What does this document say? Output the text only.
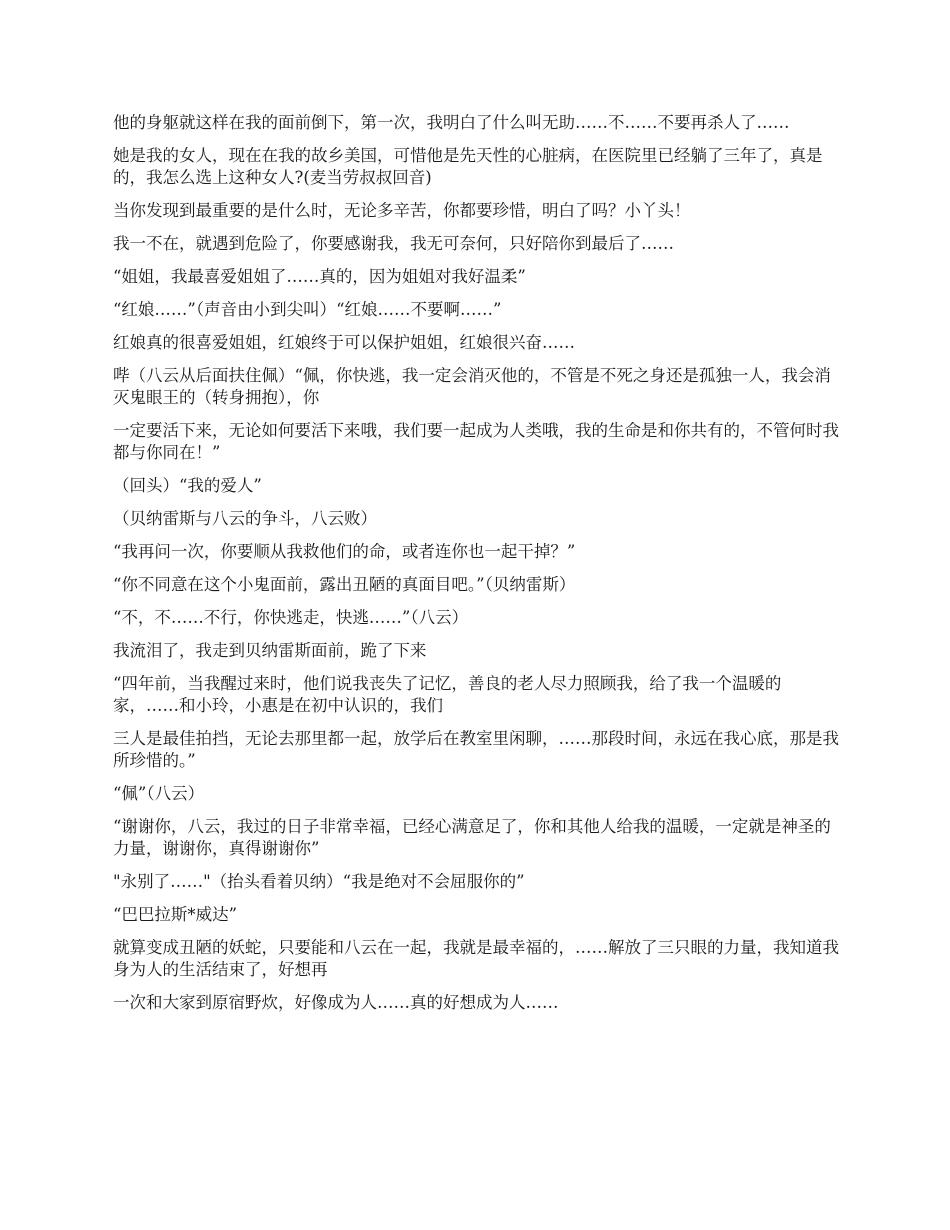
他的身躯就这样在我的面前倒下，第一次，我明白了什么叫无助……不……不要再杀人了……

她是我的女人，现在在我的故乡美国，可惜他是先天性的心脏病，在医院里已经躺了三年了，真是的，我怎么选上这种女人?(麦当劳叔叔回音)

当你发现到最重要的是什么时，无论多辛苦，你都要珍惜，明白了吗？小丫头！

我一不在，就遇到危险了，你要感谢我，我无可奈何，只好陪你到最后了……

“姐姐，我最喜爱姐姐了……真的，因为姐姐对我好温柔”

“红娘……”（声音由小到尖叫）“红娘……不要啊……”

红娘真的很喜爱姐姐，红娘终于可以保护姐姐，红娘很兴奋……

哔（八云从后面扶住佩）“佩，你快逃，我一定会消灭他的，不管是不死之身还是孤独一人，我会消灭鬼眼王的（转身拥抱），你

一定要活下来，无论如何要活下来哦，我们要一起成为人类哦，我的生命是和你共有的，不管何时我都与你同在！”

（回头）“我的爱人”

（贝纳雷斯与八云的争斗，八云败）

“我再问一次，你要顺从我救他们的命，或者连你也一起干掉？”

“你不同意在这个小鬼面前，露出丑陋的真面目吧。”（贝纳雷斯）

“不，不……不行，你快逃走，快逃……”（八云）

我流泪了，我走到贝纳雷斯面前，跪了下来

“四年前，当我醒过来时，他们说我丧失了记忆，善良的老人尽力照顾我，给了我一个温暖的家，……和小玲，小惠是在初中认识的，我们

三人是最佳拍挡，无论去那里都一起，放学后在教室里闲聊，……那段时间，永远在我心底，那是我所珍惜的。”

“佩”（八云）

“谢谢你，八云，我过的日子非常幸福，已经心满意足了，你和其他人给我的温暖，一定就是神圣的力量，谢谢你，真得谢谢你”

"永别了……"（抬头看着贝纳）“我是绝对不会屈服你的”

“巴巴拉斯*威达”

就算变成丑陋的妖蛇，只要能和八云在一起，我就是最幸福的，……解放了三只眼的力量，我知道我身为人的生活结束了，好想再

一次和大家到原宿野炊，好像成为人……真的好想成为人……
